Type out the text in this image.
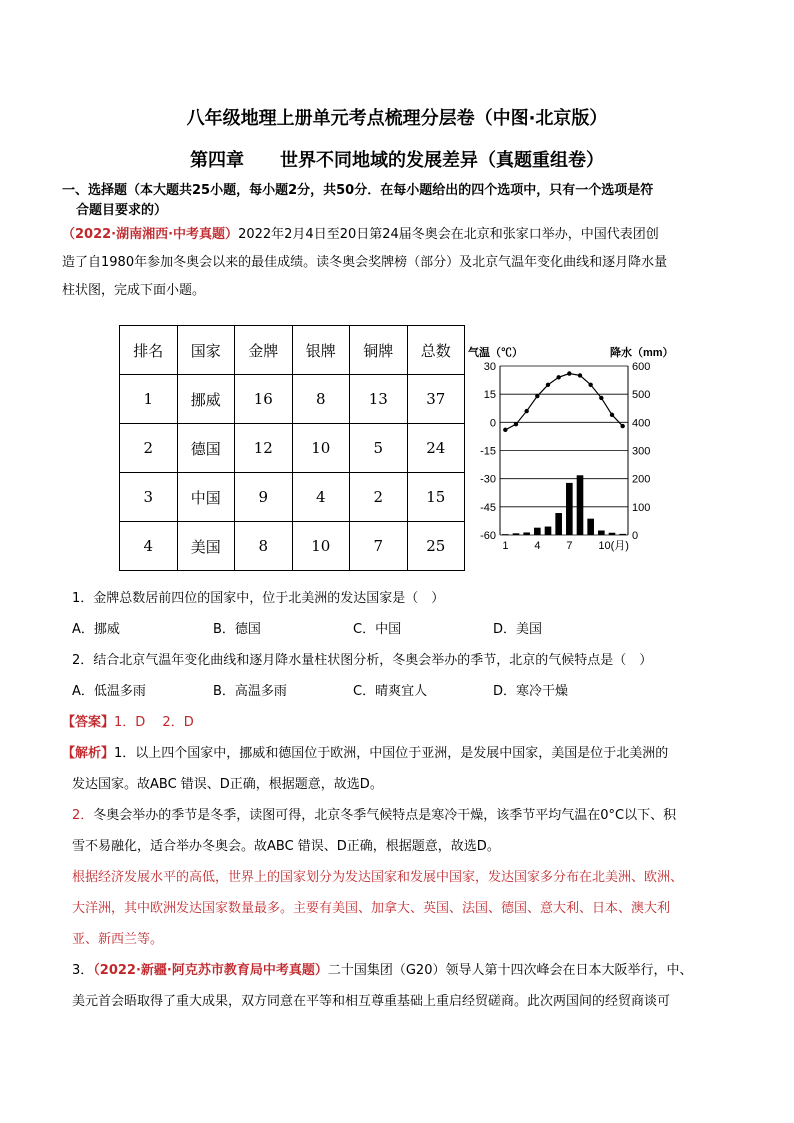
八年级地理上册单元考点梳理分层卷（中图·北京版）
第四章 世界不同地域的发展差异（真题重组卷）
一、选择题（本大题共25小题，每小题2分，共50分．在每小题给出的四个选项中，只有一个选项是符
合题目要求的）
（2022·湖南湘西·中考真题）2022年2月4日至20日第24届冬奥会在北京和张家口举办，中国代表团创
造了自1980年参加冬奥会以来的最佳成绩。读冬奥会奖牌榜（部分）及北京气温年变化曲线和逐月降水量
柱状图，完成下面小题。
排名	国家	金牌	银牌	铜牌	总数
1	挪威	16	8	13	37
2	德国	12	10	5	24
3	中国	9	4	2	15
4	美国	8	10	7	25
气温（℃）	降水（mm）
30
15
0
-15
-30
-45
-60
600
500
400
300
200
100
0
1 4 7 10(月)
1．金牌总数居前四位的国家中，位于北美洲的发达国家是（　）
A．挪威	B．德国	C．中国	D．美国
2．结合北京气温年变化曲线和逐月降水量柱状图分析，冬奥会举办的季节，北京的气候特点是（　）
A．低温多雨	B．高温多雨	C．晴爽宜人	D．寒冷干燥
【答案】1．D　 2．D
【解析】1．以上四个国家中，挪威和德国位于欧洲，中国位于亚洲，是发展中国家，美国是位于北美洲的
发达国家。故ABC 错误、D正确，根据题意，故选D。
2．冬奥会举办的季节是冬季，读图可得，北京冬季气候特点是寒冷干燥，该季节平均气温在0°C以下、积
雪不易融化，适合举办冬奥会。故ABC 错误、D正确，根据题意，故选D。
根据经济发展水平的高低，世界上的国家划分为发达国家和发展中国家，发达国家多分布在北美洲、欧洲、
大洋洲，其中欧洲发达国家数量最多。主要有美国、加拿大、英国、法国、德国、意大利、日本、澳大利
亚、新西兰等。
3．（2022·新疆·阿克苏市教育局中考真题）二十国集团（G20）领导人第十四次峰会在日本大阪举行，中、
美元首会晤取得了重大成果，双方同意在平等和相互尊重基础上重启经贸磋商。此次两国间的经贸商谈可
